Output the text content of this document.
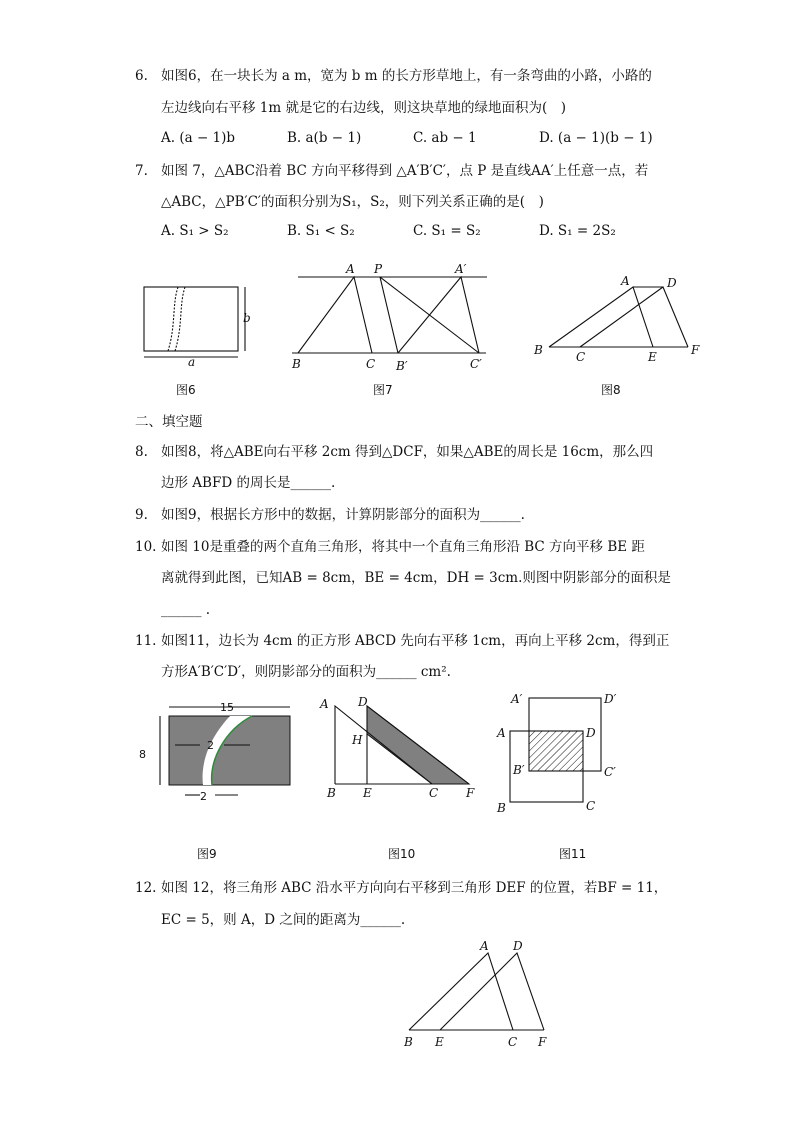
6. 如图6，在一块长为 a m，宽为 b m 的长方形草地上，有一条弯曲的小路，小路的
左边线向右平移 1m 就是它的右边线，则这块草地的绿地面积为(　)
A. (a − 1)b	B. a(b − 1)	C. ab − 1	D. (a − 1)(b − 1)
7. 如图 7，△ABC沿着 BC 方向平移得到 △A′B′C′，点 P 是直线AA′上任意一点，若
△ABC，△PB′C′的面积分别为S₁，S₂，则下列关系正确的是(　)
A. S₁ > S₂	B. S₁ < S₂	C. S₁ = S₂	D. S₁ = 2S₂
b
a
图6
A P	A′
B	C B′	C′
图7
A	D
B	C	E	F
图8
二、填空题
8. 如图8，将△ABE向右平移 2cm 得到△DCF，如果△ABE的周长是 16cm，那么四
边形 ABFD 的周长是______.
9. 如图9，根据长方形中的数据，计算阴影部分的面积为______.
10. 如图 10是重叠的两个直角三角形，将其中一个直角三角形沿 BC 方向平移 BE 距
离就得到此图，已知AB = 8cm，BE = 4cm，DH = 3cm.则图中阴影部分的面积是
______ .
11. 如图11，边长为 4cm 的正方形 ABCD 先向右平移 1cm，再向上平移 2cm，得到正
方形A′B′C′D′，则阴影部分的面积为______ cm².
15
8
2
2
图9
A D
H
B E	C F
图10
A′	D′
A	D
B′	C′
B	C
图11
12. 如图 12，将三角形 ABC 沿水平方向向右平移到三角形 DEF 的位置，若BF = 11，
EC = 5，则 A，D 之间的距离为______.
A D
B E	C F
